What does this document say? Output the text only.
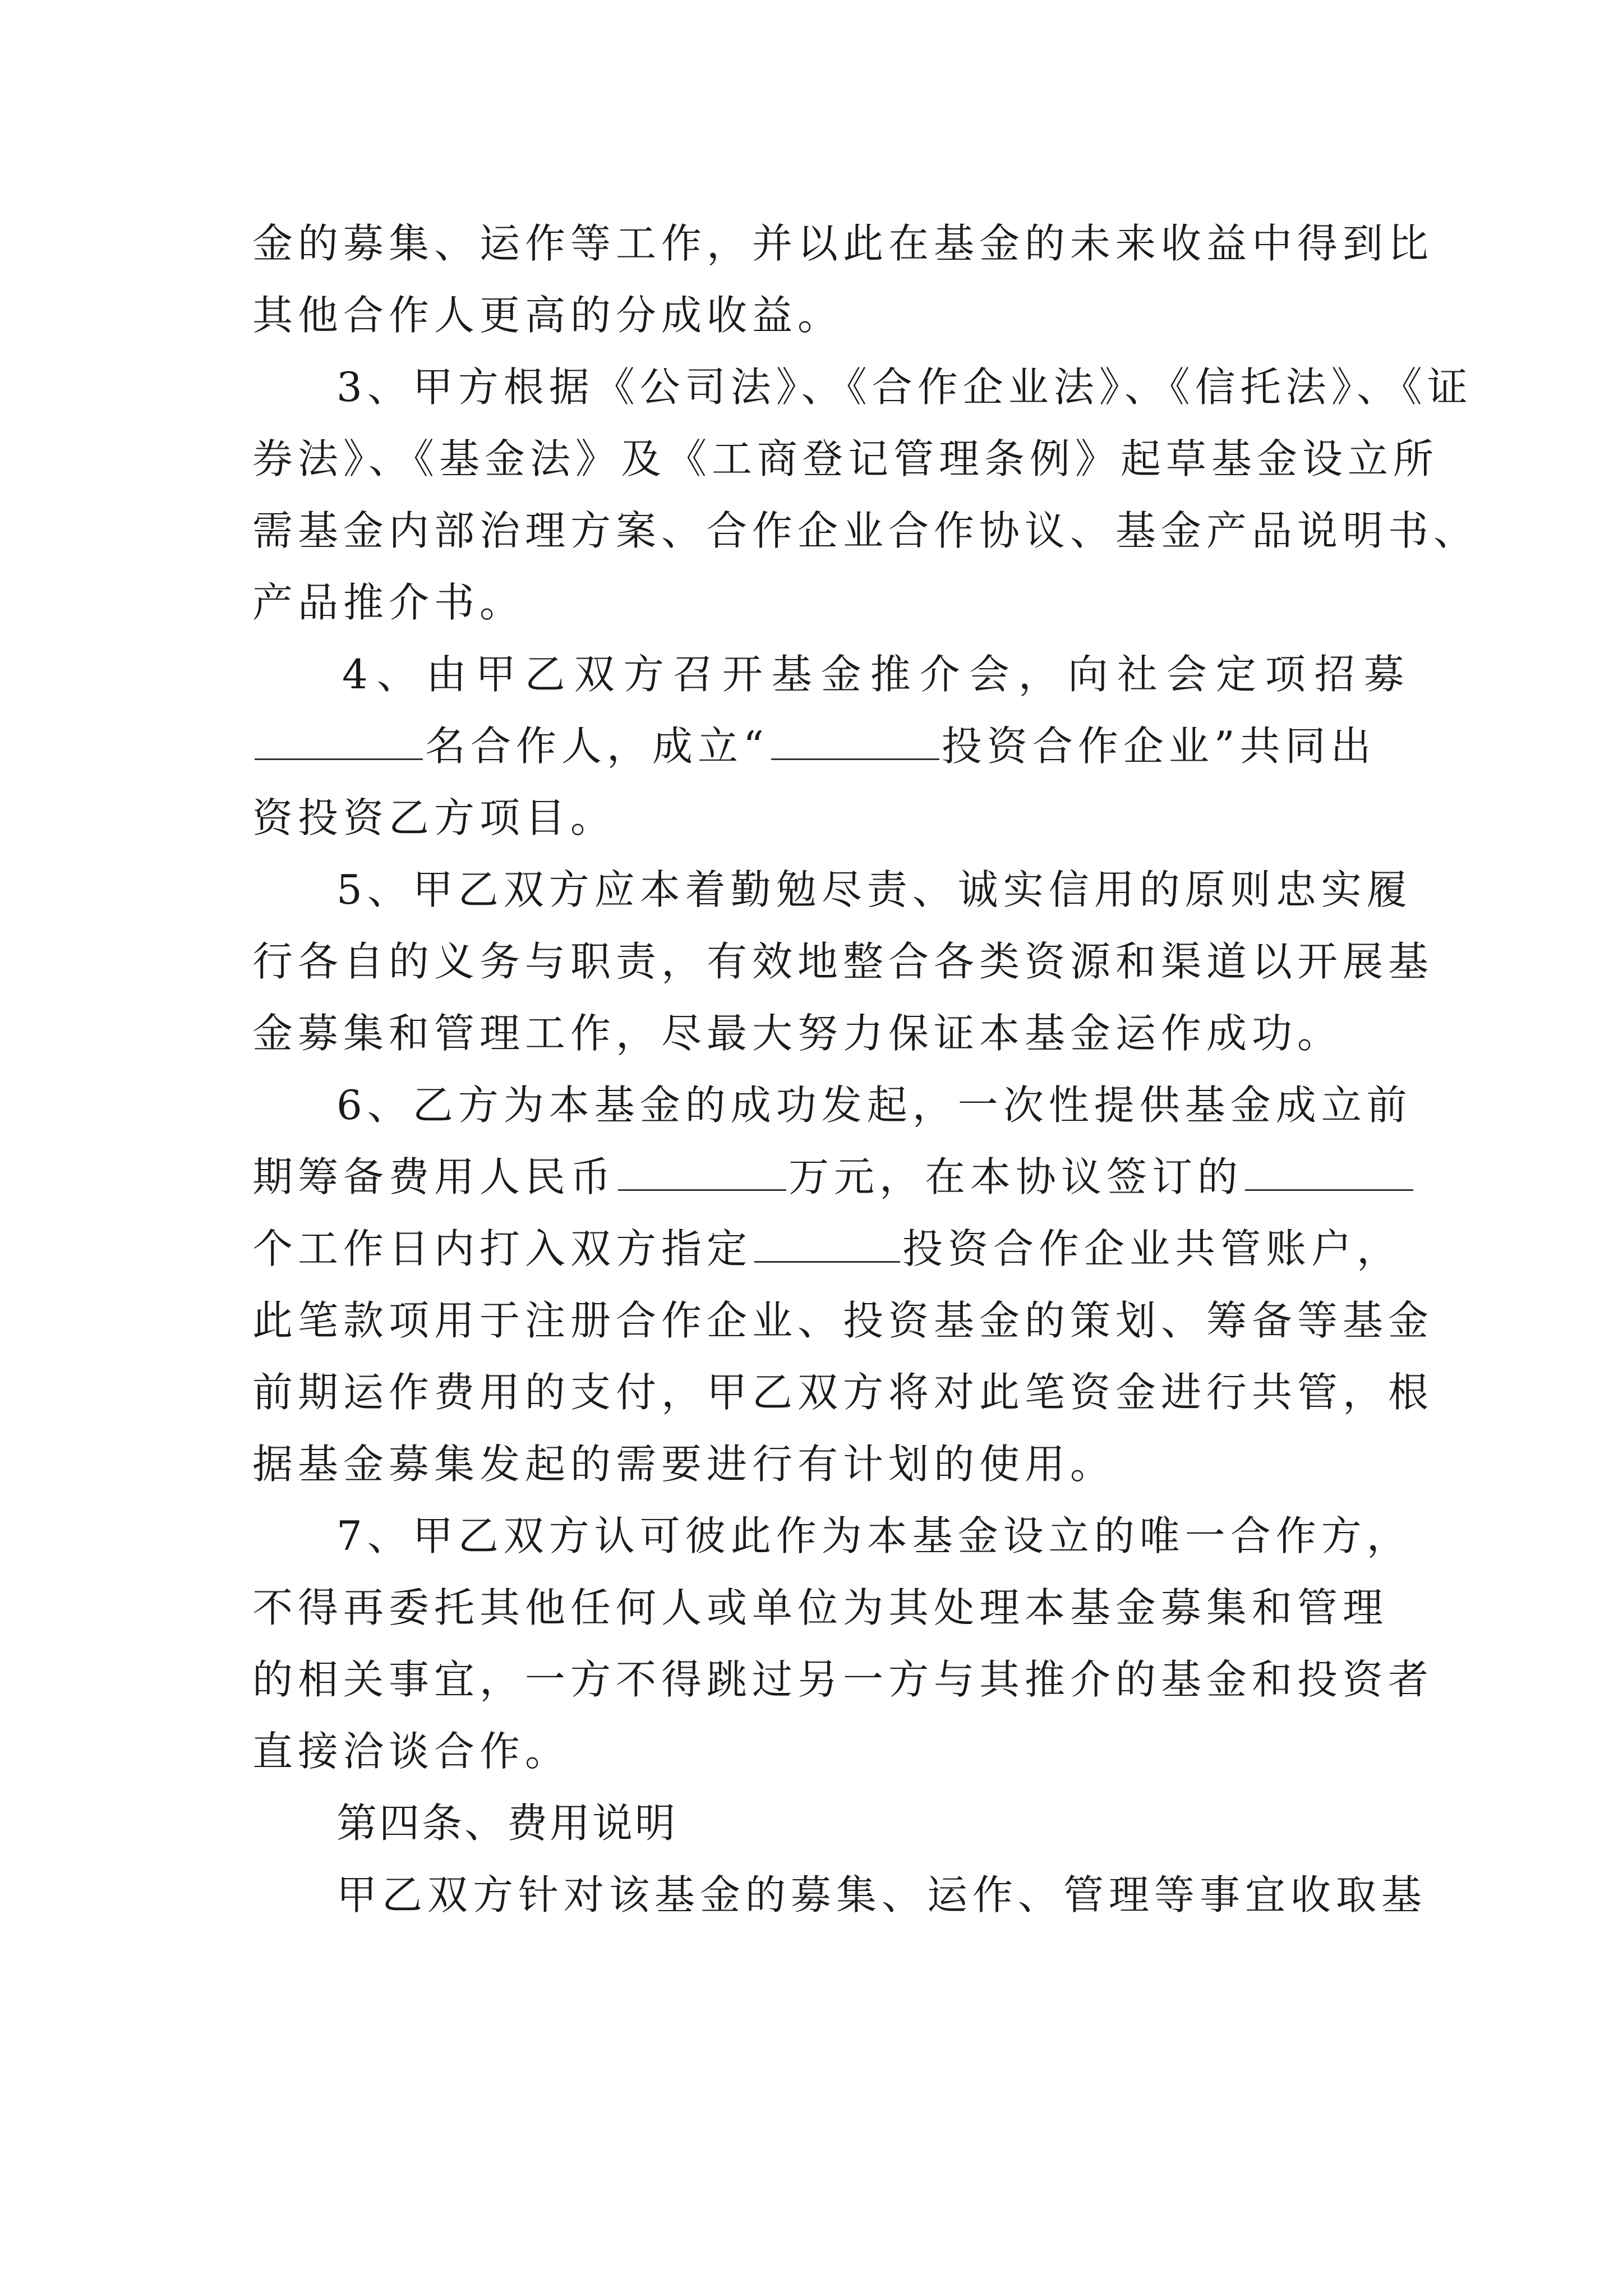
金的募集、运作等工作，并以此在基金的未来收益中得到比
其他合作人更高的分成收益。
3、甲方根据《公司法》、《合作企业法》、《信托法》、《证
券法》、《基金法》及《工商登记管理条例》起草基金设立所
需基金内部治理方案、合作企业合作协议、基金产品说明书、
产品推介书。
4、由甲乙双方召开基金推介会，向社会定项招募
名合作人，成立“	投资合作企业”共同出
资投资乙方项目。
5、甲乙双方应本着勤勉尽责、诚实信用的原则忠实履
行各自的义务与职责，有效地整合各类资源和渠道以开展基
金募集和管理工作，尽最大努力保证本基金运作成功。
6、乙方为本基金的成功发起，一次性提供基金成立前
期筹备费用人民币	万元，在本协议签订的
个工作日内打入双方指定	投资合作企业共管账户，
此笔款项用于注册合作企业、投资基金的策划、筹备等基金
前期运作费用的支付，甲乙双方将对此笔资金进行共管，根
据基金募集发起的需要进行有计划的使用。
7、甲乙双方认可彼此作为本基金设立的唯一合作方，
不得再委托其他任何人或单位为其处理本基金募集和管理
的相关事宜，一方不得跳过另一方与其推介的基金和投资者
直接洽谈合作。
第四条、费用说明
甲乙双方针对该基金的募集、运作、管理等事宜收取基
